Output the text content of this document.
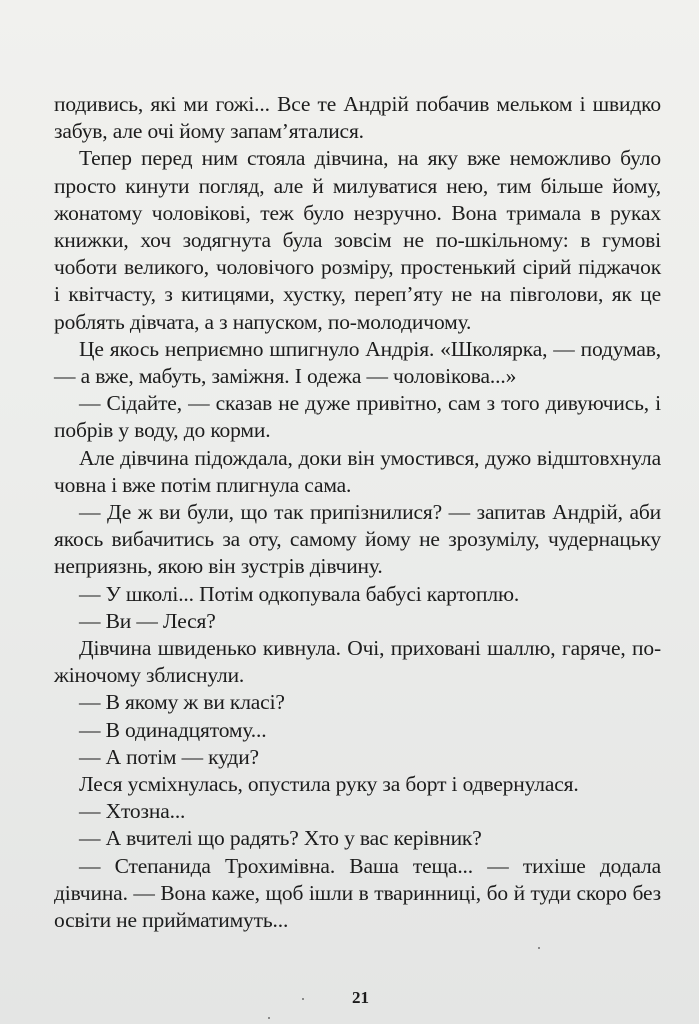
подивись, які ми гожі... Все те Андрій побачив мельком і швидко забув, але очі йому запам’яталися.

Тепер перед ним стояла дівчина, на яку вже неможливо було просто кинути погляд, але й милуватися нею, тим більше йому, жонатому чоловікові, теж було незручно. Вона тримала в руках книжки, хоч зодягнута була зовсім не по-шкільному: в гумові чоботи великого, чоловічого розміру, простенький сірий піджачок і квітчасту, з китицями, хустку, переп’яту не на півголови, як це роблять дівчата, а з напуском, по-молодичому.

Це якось неприємно шпигнуло Андрія. «Школярка, — подумав, — а вже, мабуть, заміжня. І одежа — чоловікова...»

— Сідайте, — сказав не дуже привітно, сам з того дивуючись, і побрів у воду, до корми.

Але дівчина підождала, доки він умостився, дужо відштовхнула човна і вже потім плигнула сама.

— Де ж ви були, що так припізнилися? — запитав Андрій, аби якось вибачитись за оту, самому йому не зрозумілу, чудернацьку неприязнь, якою він зустрів дівчину.

— У школі... Потім одкопувала бабусі картоплю.

— Ви — Леся?

Дівчина швиденько кивнула. Очі, приховані шаллю, гаряче, по-жіночому зблиснули.

— В якому ж ви класі?

— В одинадцятому...

— А потім — куди?

Леся усміхнулась, опустила руку за борт і одвернулася.

— Хтозна...

— А вчителі що радять? Хто у вас керівник?

— Степанида Трохимівна. Ваша теща... — тихіше додала дівчина. — Вона каже, щоб ішли в тваринниці, бо й туди скоро без освіти не прийматимуть...

21
